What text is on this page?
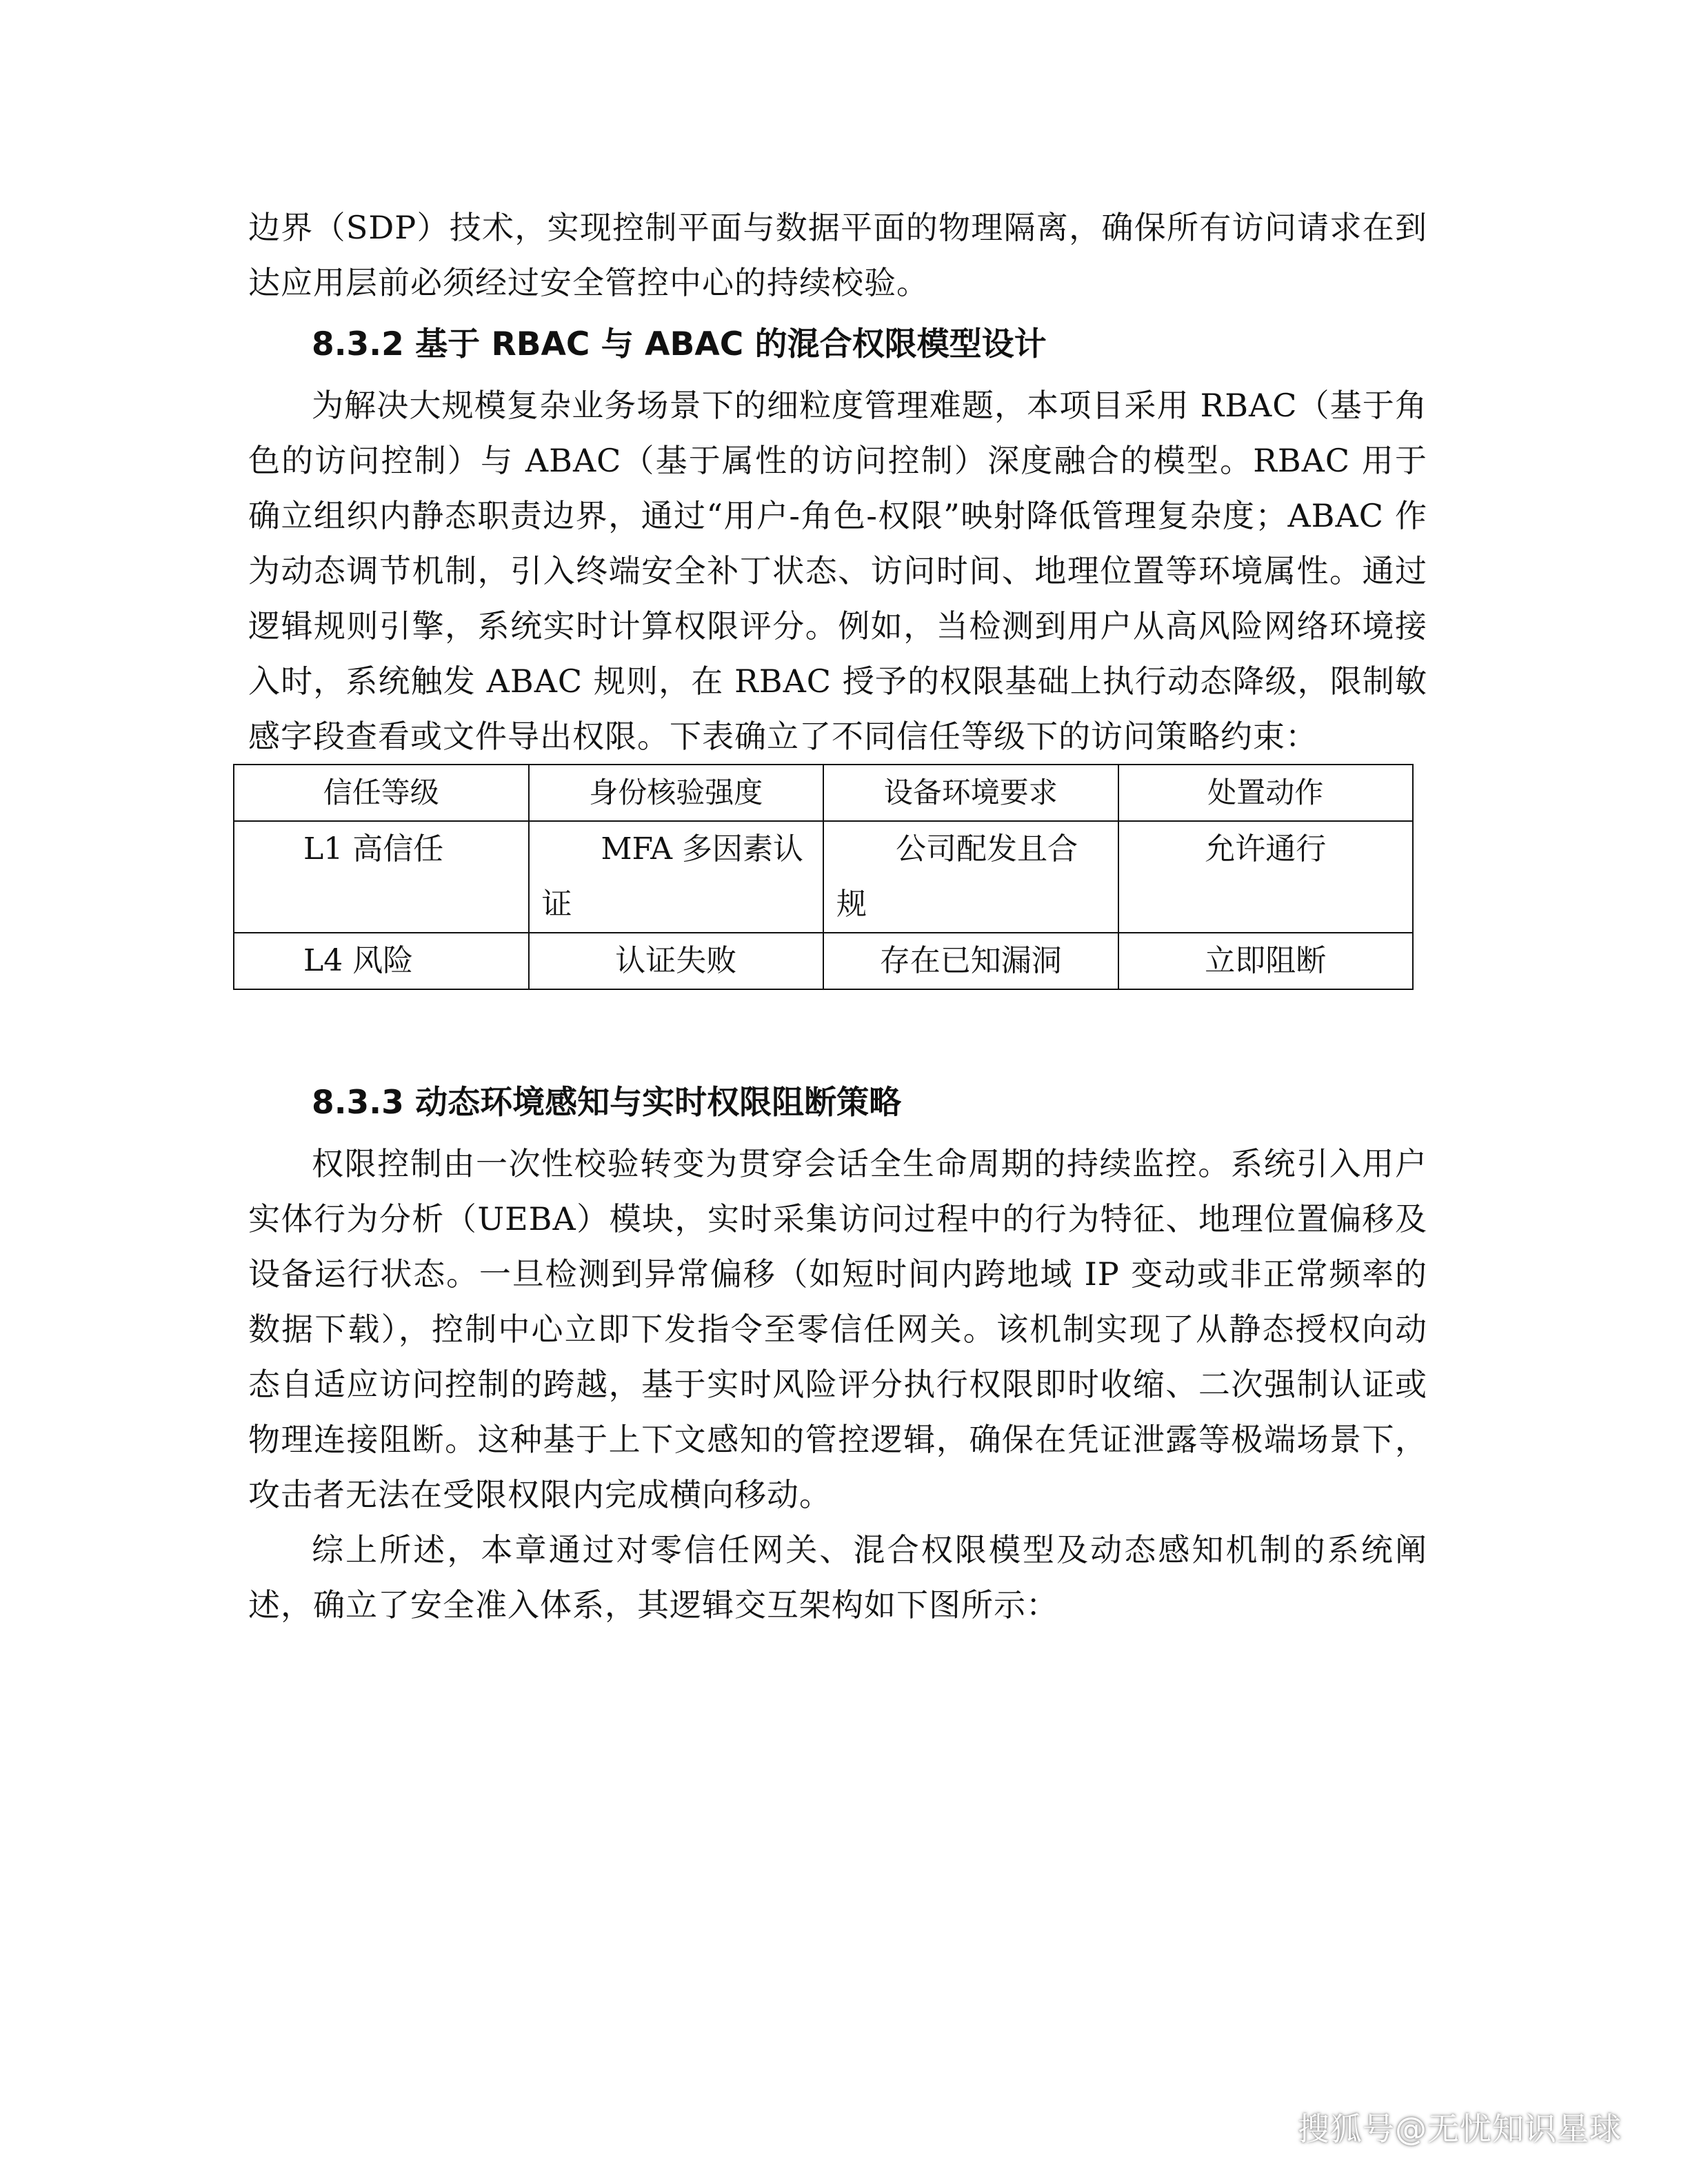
边界（SDP）技术，实现控制平面与数据平面的物理隔离，确保所有访问请求在到达应用层前必须经过安全管控中心的持续校验。

8.3.2 基于 RBAC 与 ABAC 的混合权限模型设计

为解决大规模复杂业务场景下的细粒度管理难题，本项目采用 RBAC（基于角色的访问控制）与 ABAC（基于属性的访问控制）深度融合的模型。RBAC 用于确立组织内静态职责边界，通过“用户-角色-权限”映射降低管理复杂度；ABAC 作为动态调节机制，引入终端安全补丁状态、访问时间、地理位置等环境属性。通过逻辑规则引擎，系统实时计算权限评分。例如，当检测到用户从高风险网络环境接入时，系统触发 ABAC 规则，在 RBAC 授予的权限基础上执行动态降级，限制敏感字段查看或文件导出权限。下表确立了不同信任等级下的访问策略约束：

信任等级	身份核验强度	设备环境要求	处置动作
L1 高信任	MFA 多因素认证	公司配发且合规	允许通行
L4 风险	认证失败	存在已知漏洞	立即阻断
8.3.3 动态环境感知与实时权限阻断策略

权限控制由一次性校验转变为贯穿会话全生命周期的持续监控。系统引入用户实体行为分析（UEBA）模块，实时采集访问过程中的行为特征、地理位置偏移及设备运行状态。一旦检测到异常偏移（如短时间内跨地域 IP 变动或非正常频率的数据下载），控制中心立即下发指令至零信任网关。该机制实现了从静态授权向动态自适应访问控制的跨越，基于实时风险评分执行权限即时收缩、二次强制认证或物理连接阻断。这种基于上下文感知的管控逻辑，确保在凭证泄露等极端场景下，攻击者无法在受限权限内完成横向移动。

综上所述，本章通过对零信任网关、混合权限模型及动态感知机制的系统阐述，确立了安全准入体系，其逻辑交互架构如下图所示：

搜狐号@无忧知识星球
